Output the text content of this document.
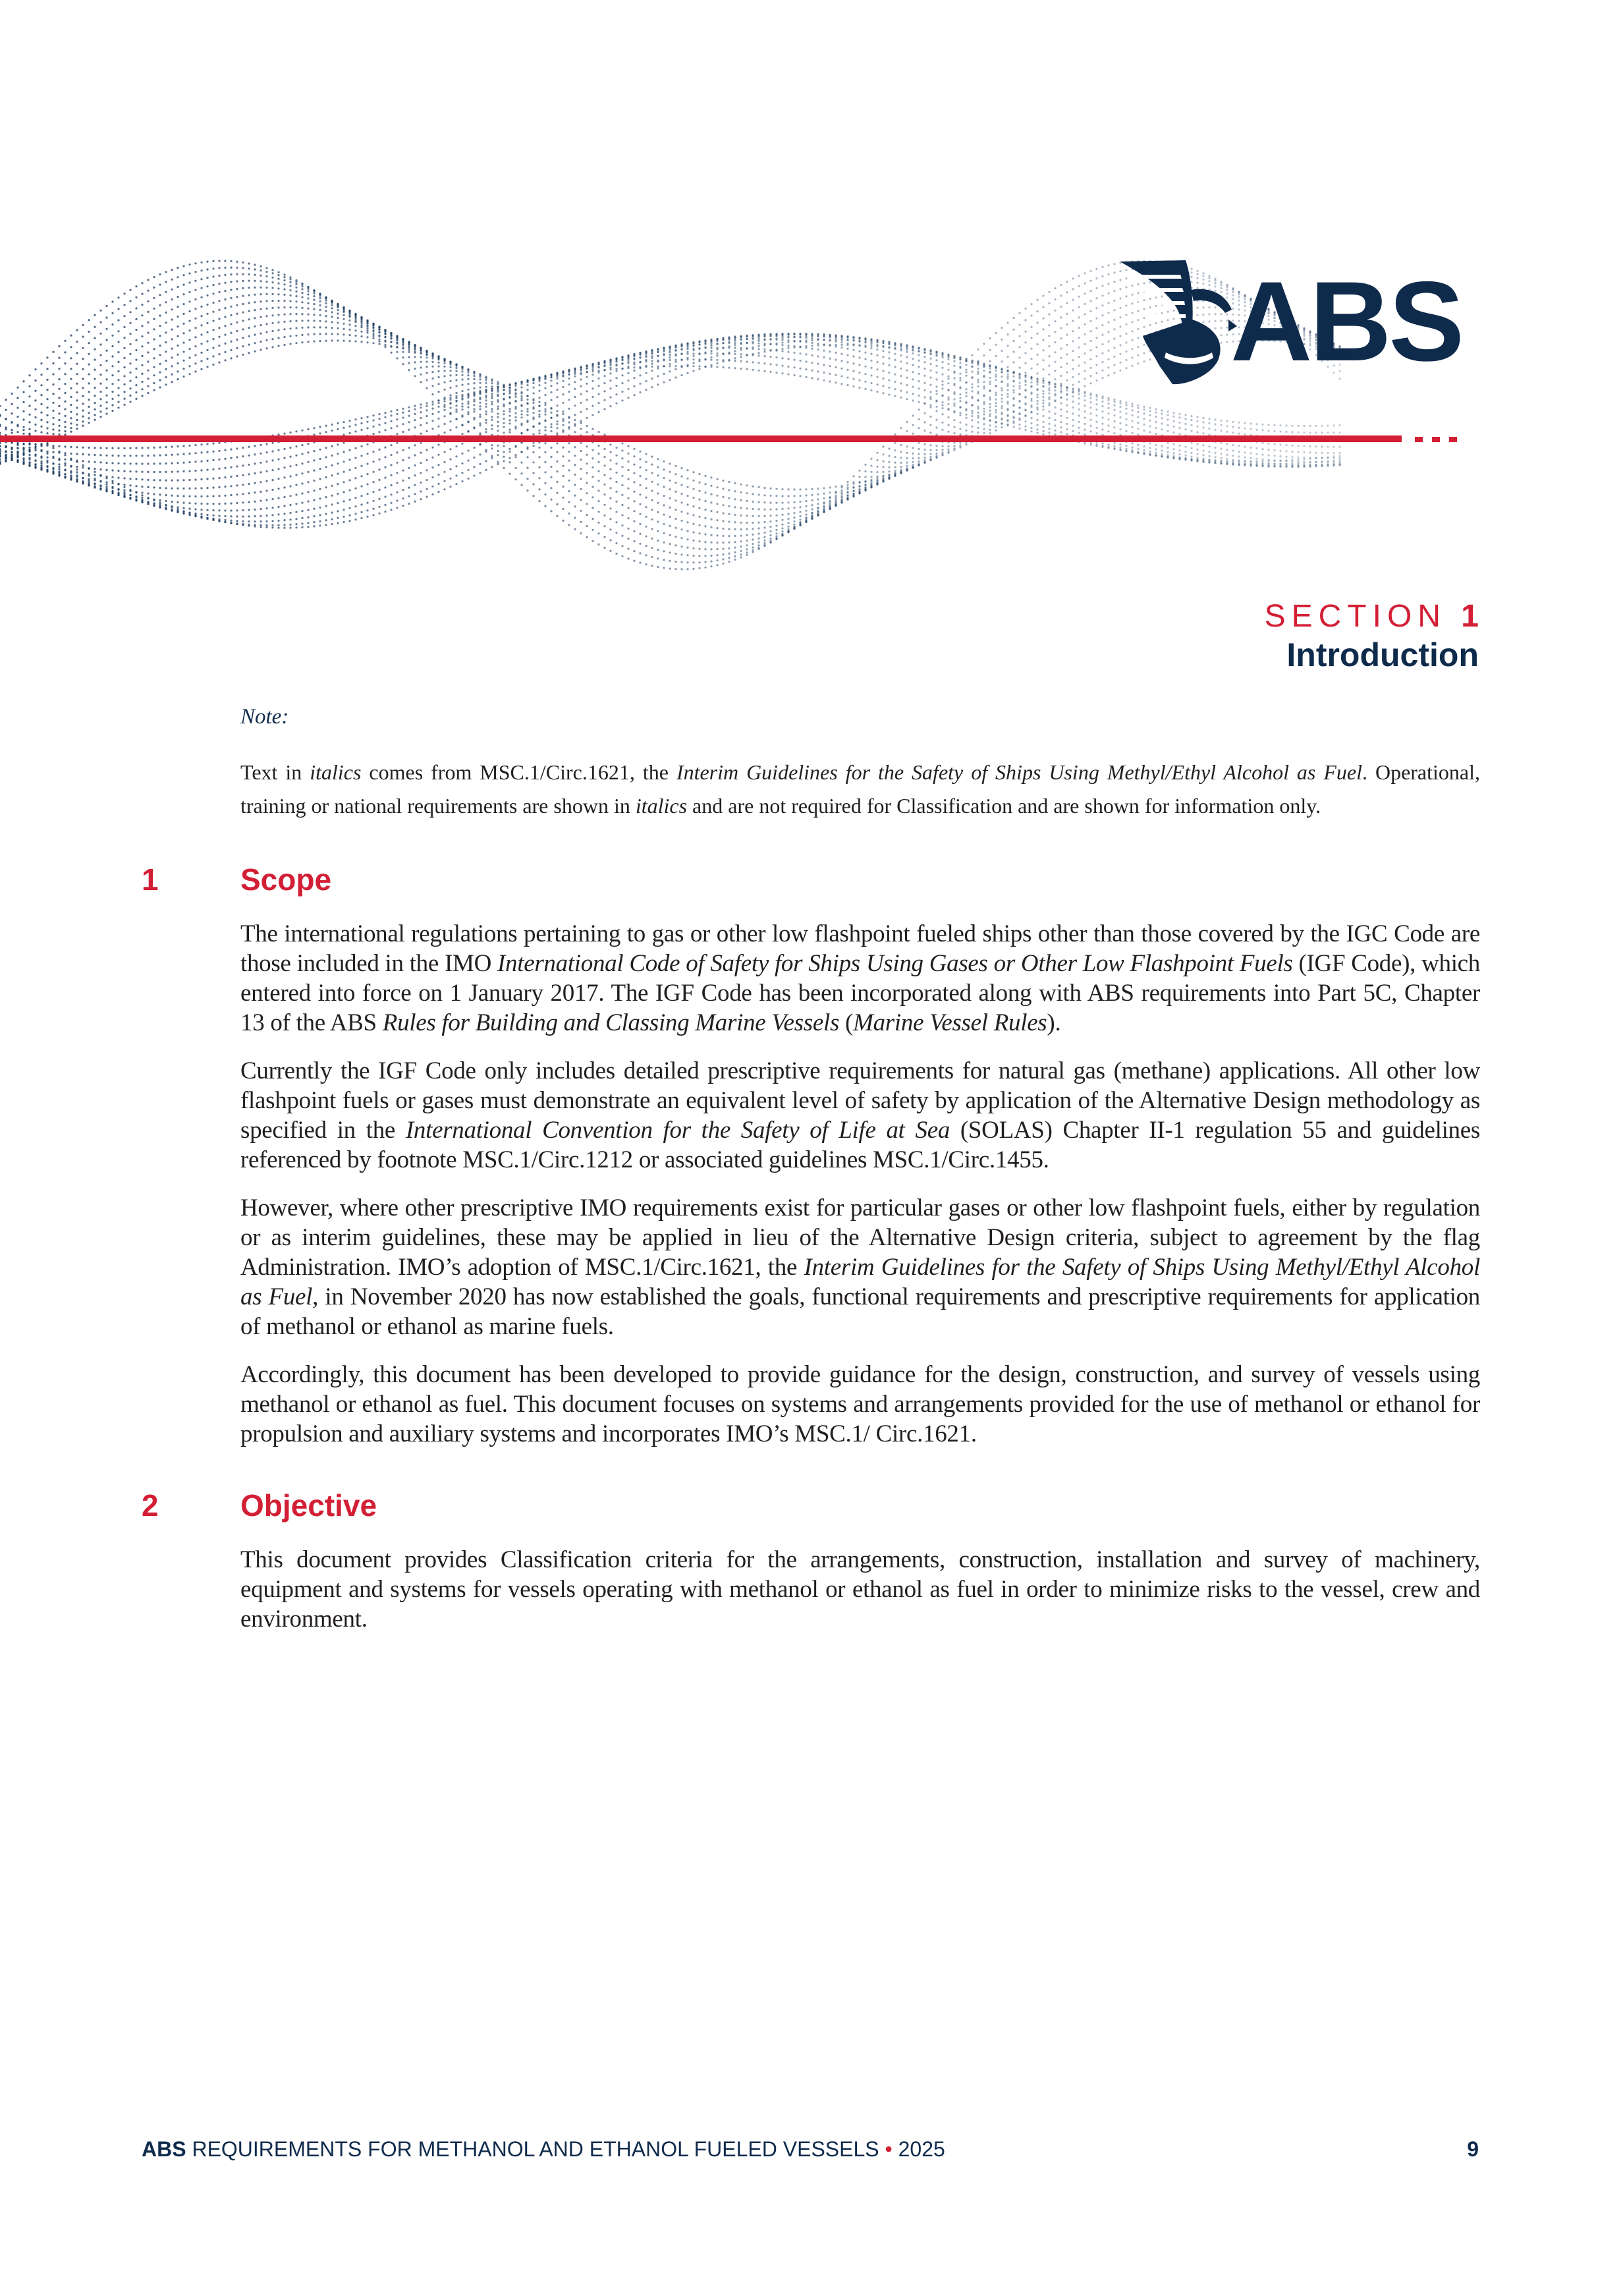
ABS
SECTION 1
Introduction
Note:

Text in italics comes from MSC.1/Circ.1621, the Interim Guidelines for the Safety of Ships Using Methyl/Ethyl Alcohol as Fuel. Operational, training or national requirements are shown in italics and are not required for Classification and are shown for information only.

1	Scope

The international regulations pertaining to gas or other low flashpoint fueled ships other than those covered by the IGC Code are those included in the IMO International Code of Safety for Ships Using Gases or Other Low Flashpoint Fuels (IGF Code), which entered into force on 1 January 2017. The IGF Code has been incorporated along with ABS requirements into Part 5C, Chapter 13 of the ABS Rules for Building and Classing Marine Vessels (Marine Vessel Rules).

Currently the IGF Code only includes detailed prescriptive requirements for natural gas (methane) applications. All other low flashpoint fuels or gases must demonstrate an equivalent level of safety by application of the Alternative Design methodology as specified in the International Convention for the Safety of Life at Sea (SOLAS) Chapter II-1 regulation 55 and guidelines referenced by footnote MSC.1/Circ.1212 or associated guidelines MSC.1/Circ.1455.

However, where other prescriptive IMO requirements exist for particular gases or other low flashpoint fuels, either by regulation or as interim guidelines, these may be applied in lieu of the Alternative Design criteria, subject to agreement by the flag Administration. IMO’s adoption of MSC.1/Circ.1621, the Interim Guidelines for the Safety of Ships Using Methyl/Ethyl Alcohol as Fuel, in November 2020 has now established the goals, functional requirements and prescriptive requirements for application of methanol or ethanol as marine fuels.

Accordingly, this document has been developed to provide guidance for the design, construction, and survey of vessels using methanol or ethanol as fuel. This document focuses on systems and arrangements provided for the use of methanol or ethanol for propulsion and auxiliary systems and incorporates IMO’s MSC.1/ Circ.1621.

2	Objective

This document provides Classification criteria for the arrangements, construction, installation and survey of machinery, equipment and systems for vessels operating with methanol or ethanol as fuel in order to minimize risks to the vessel, crew and environment.

ABS REQUIREMENTS FOR METHANOL AND ETHANOL FUELED VESSELS • 2025	9
